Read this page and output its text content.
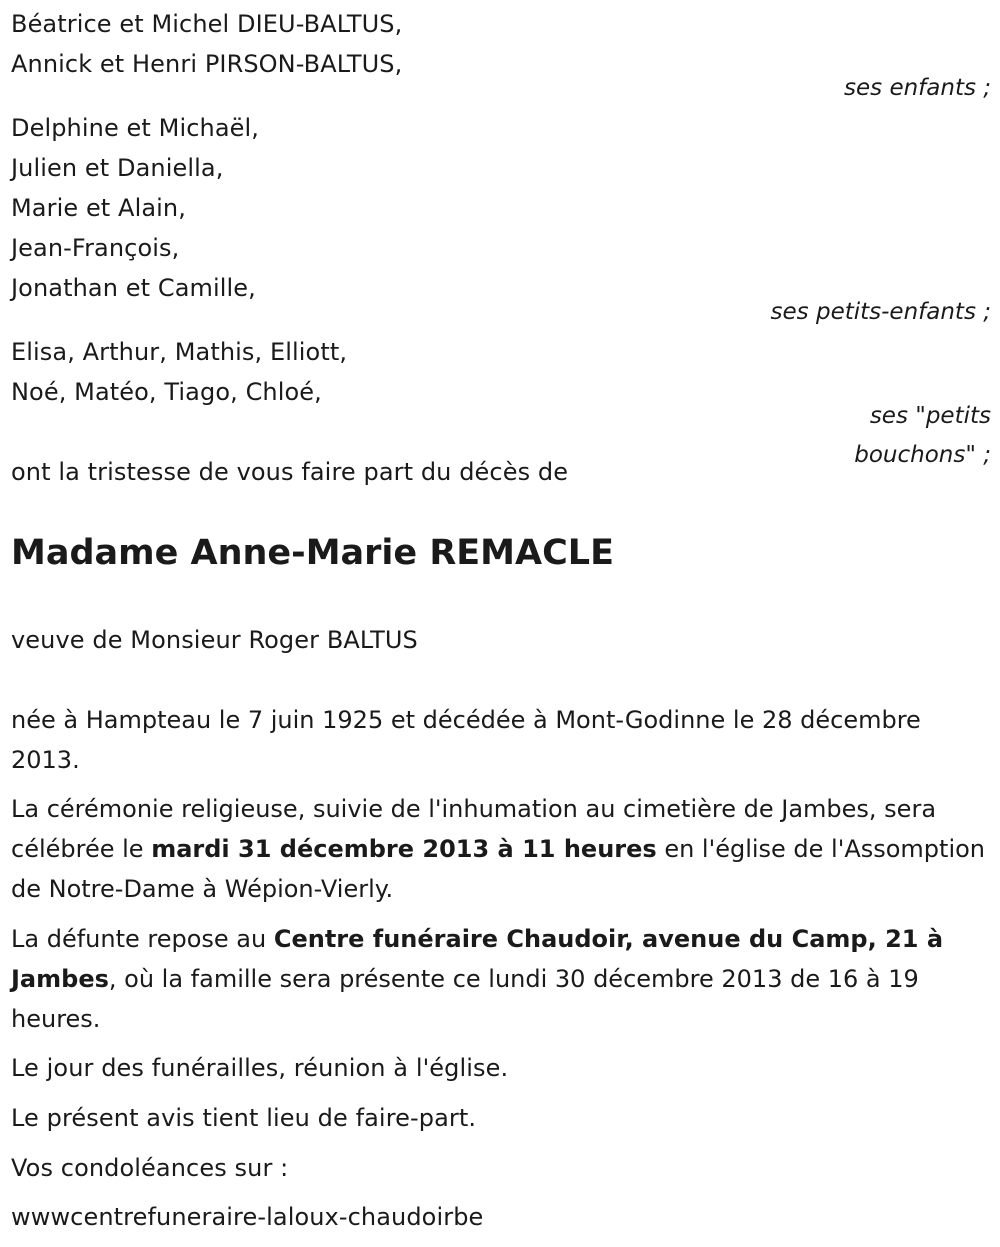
Béatrice et Michel DIEU-BALTUS,
Annick et Henri PIRSON-BALTUS,
ses enfants ;
Delphine et Michaël,
Julien et Daniella,
Marie et Alain,
Jean-François,
Jonathan et Camille,
ses petits-enfants ;
Elisa, Arthur, Mathis, Elliott,
Noé, Matéo, Tiago, Chloé,
ses "petits
bouchons" ;
ont la tristesse de vous faire part du décès de
Madame Anne-Marie REMACLE
veuve de Monsieur Roger BALTUS
née à Hampteau le 7 juin 1925 et décédée à Mont-Godinne le 28 décembre 2013.
La cérémonie religieuse, suivie de l'inhumation au cimetière de Jambes, sera célébrée le mardi 31 décembre 2013 à 11 heures en l'église de l'Assomption de Notre-Dame à Wépion-Vierly.
La défunte repose au Centre funéraire Chaudoir, avenue du Camp, 21 à Jambes, où la famille sera présente ce lundi 30 décembre 2013 de 16 à 19 heures.
Le jour des funérailles, réunion à l'église.
Le présent avis tient lieu de faire-part.
Vos condoléances sur :
wwwcentrefuneraire-laloux-chaudoirbe
